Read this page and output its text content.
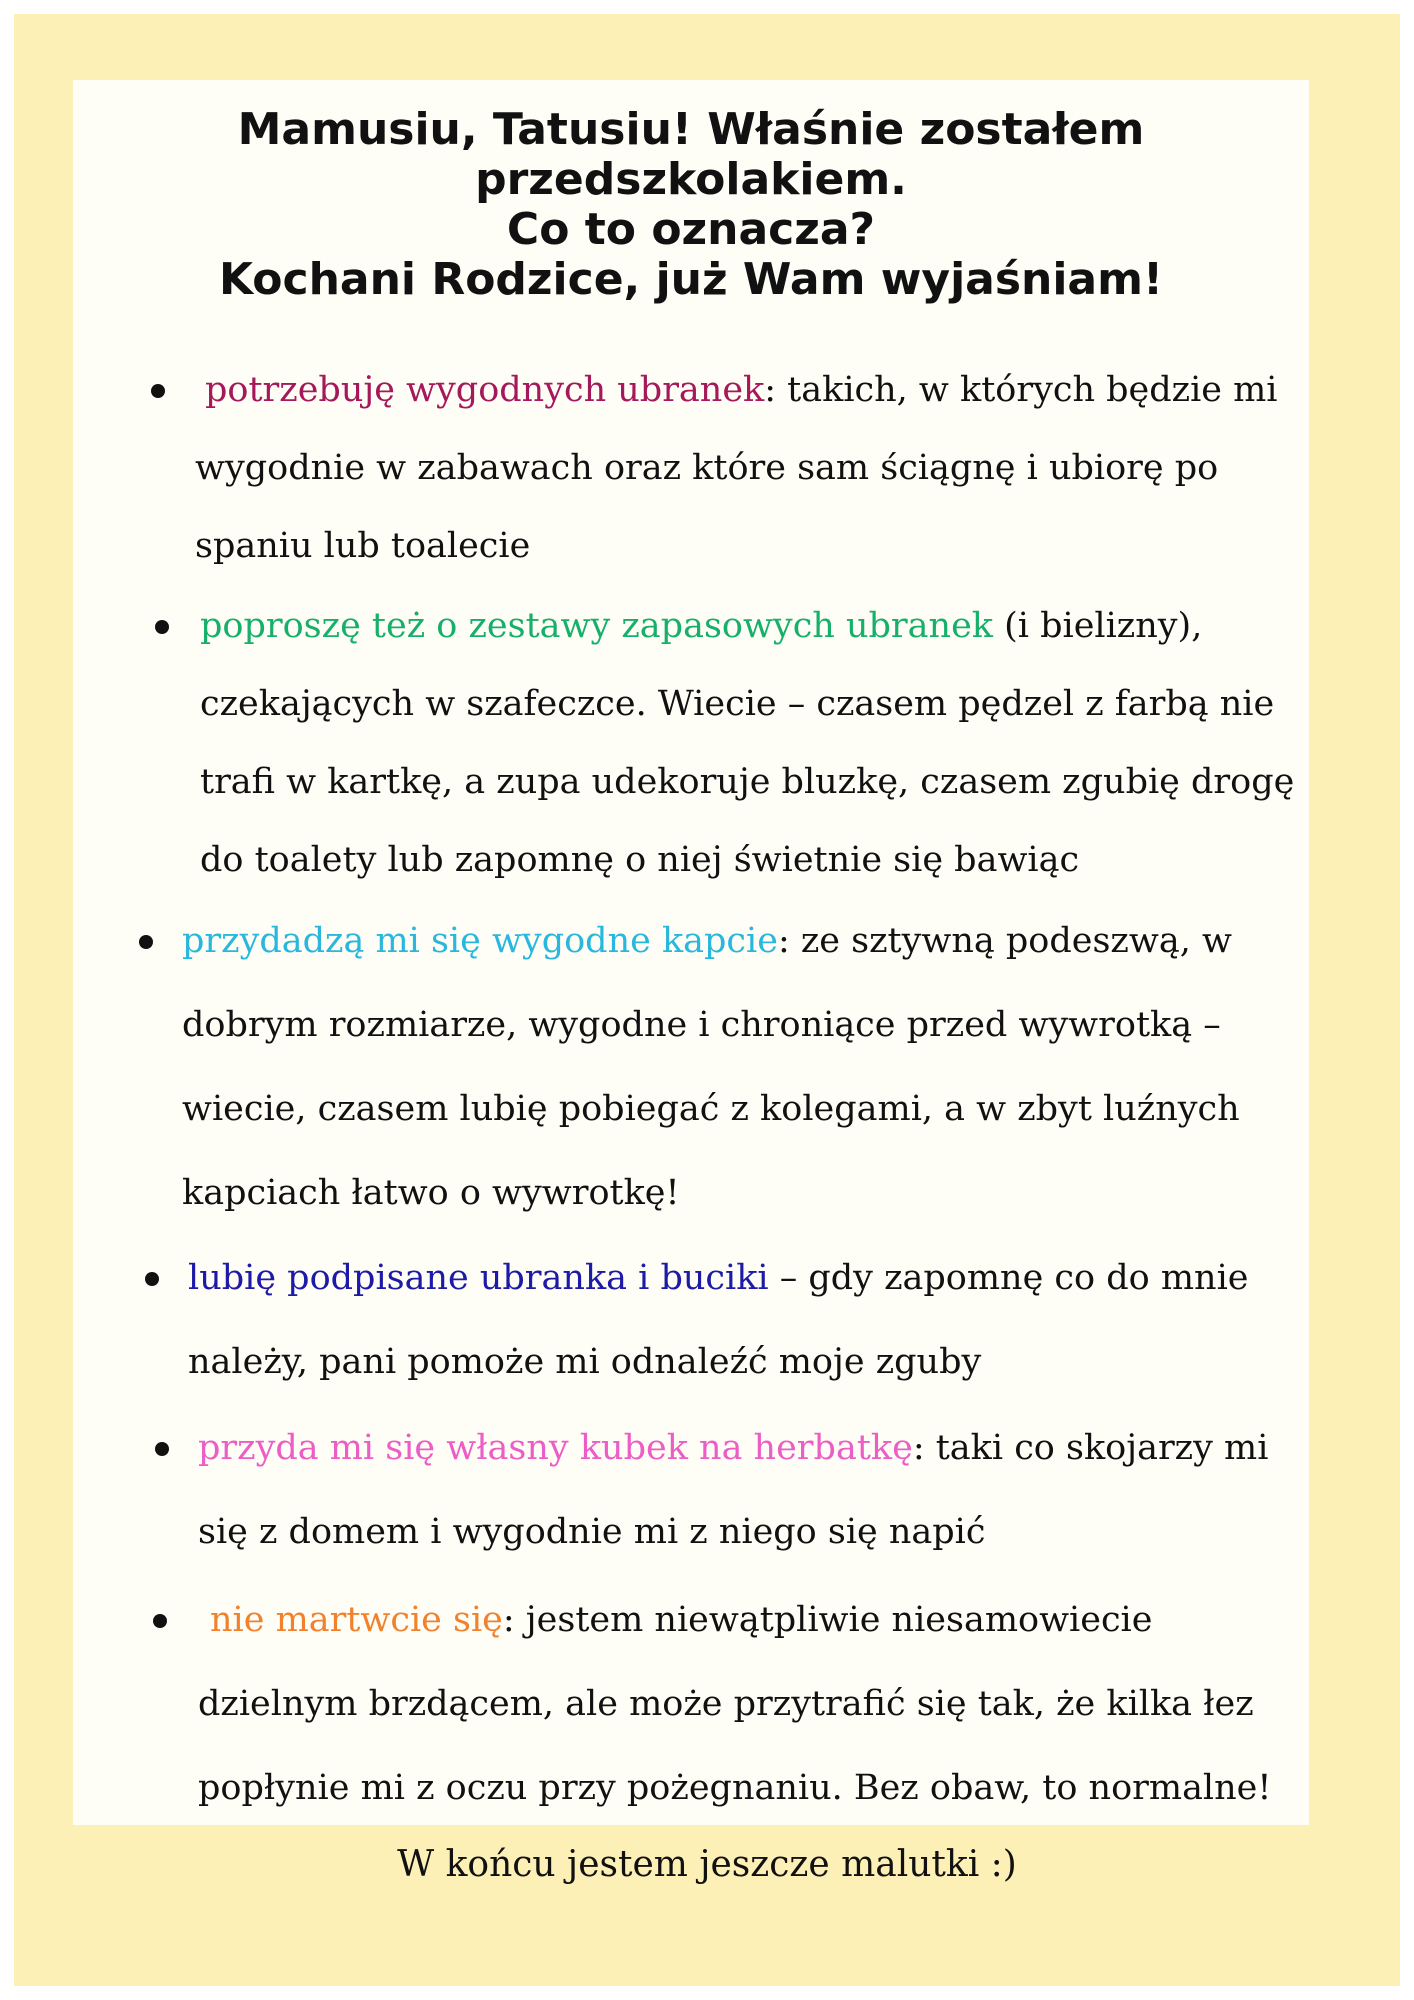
Mamusiu, Tatusiu! Właśnie zostałem
przedszkolakiem.
Co to oznacza?
Kochani Rodzice, już Wam wyjaśniam!
potrzebuję wygodnych ubranek: takich, w których będzie mi
wygodnie w zabawach oraz które sam ściągnę i ubiorę po
spaniu lub toalecie
poproszę też o zestawy zapasowych ubranek (i bielizny),
czekających w szafeczce. Wiecie – czasem pędzel z farbą nie
trafi w kartkę, a zupa udekoruje bluzkę, czasem zgubię drogę
do toalety lub zapomnę o niej świetnie się bawiąc
przydadzą mi się wygodne kapcie: ze sztywną podeszwą, w
dobrym rozmiarze, wygodne i chroniące przed wywrotką –
wiecie, czasem lubię pobiegać z kolegami, a w zbyt luźnych
kapciach łatwo o wywrotkę!
lubię podpisane ubranka i buciki – gdy zapomnę co do mnie
należy, pani pomoże mi odnaleźć moje zguby
przyda mi się własny kubek na herbatkę: taki co skojarzy mi
się z domem i wygodnie mi z niego się napić
nie martwcie się: jestem niewątpliwie niesamowiecie
dzielnym brzdącem, ale może przytrafić się tak, że kilka łez
popłynie mi z oczu przy pożegnaniu. Bez obaw, to normalne!
W końcu jestem jeszcze malutki :)
